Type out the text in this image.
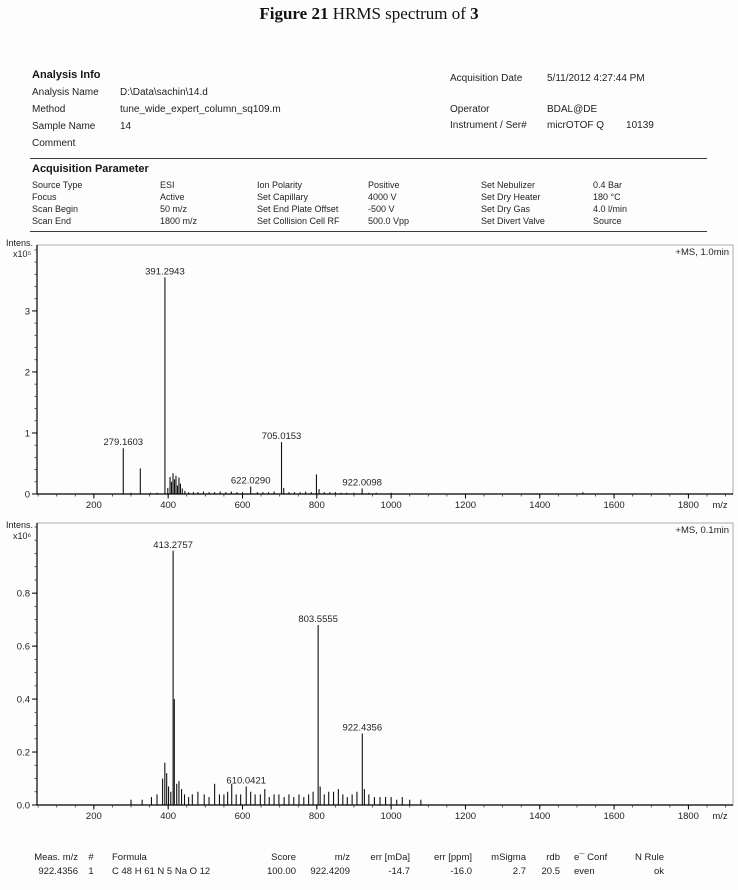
Figure 21 HRMS spectrum of 3
Analysis Info
Analysis Name D:\Data\sachin\14.d
Method	tune_wide_expert_column_sq109.m
Sample Name 14
Comment
Acquisition Date 5/11/2012 4:27:44 PM
Operator	BDAL@DE
Instrument / Ser# micrOTOF Q 10139
Acquisition Parameter
Source Type	ESI	Ion Polarity	Positive	Set Nebulizer	0.4 Bar
Focus	Active	Set Capillary	4000 V	Set Dry Heater	180 °C
Scan Begin	50 m/z	Set End Plate Offset	-500 V	Set Dry Gas	4.0 l/min
Scan End	1800 m/z	Set Collision Cell RF	500.0 Vpp	Set Divert Valve	Source
Intens.
x10⁵
200	400	600	800	1000	1200	1400	1600	1800
0
1
2
3
m/z
+MS, 1.0min
279.1603
391.2943
622.0290
705.0153
922.0098
Intens.
x10⁶
200	400	600	800	1000	1200	1400	1600	1800
0.0
0.2
0.4
0.6
0.8
m/z
+MS, 0.1min
413.2757
610.0421
803.5555
922.4356
Meas. m/z	#	Formula	Score	m/z	err [mDa]	err [ppm]	mSigma	rdb	e¯ Conf	N Rule
922.4356	1	C 48 H 61 N 5 Na O 12	100.00	922.4209	-14.7	-16.0	2.7	20.5	even	ok
